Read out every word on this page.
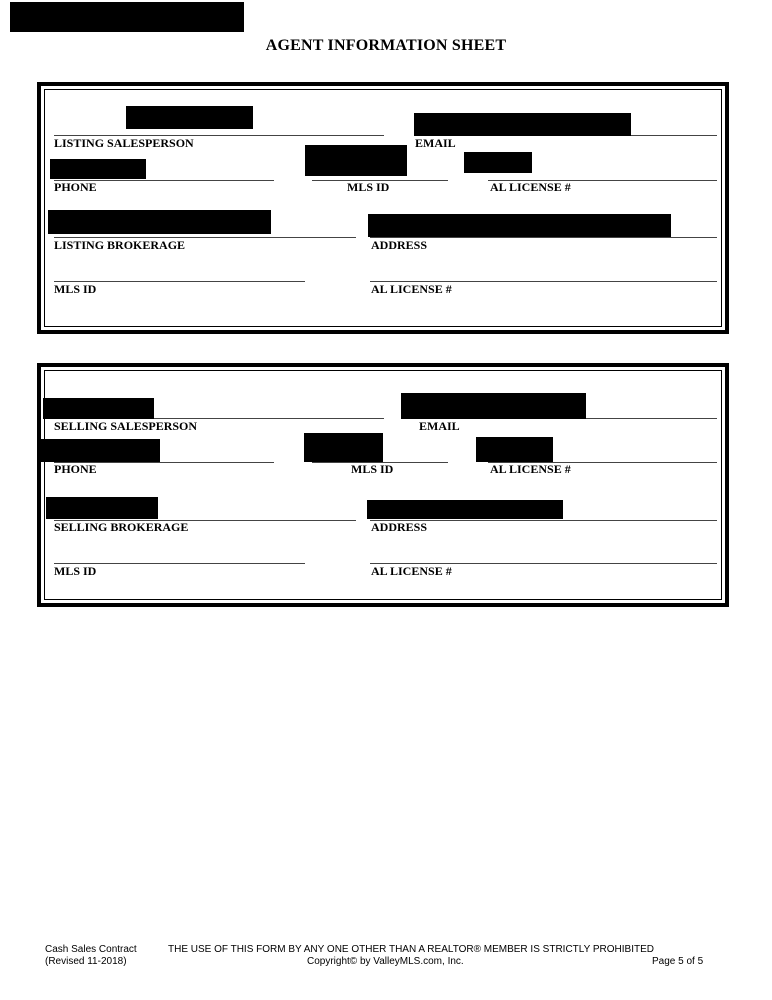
AGENT INFORMATION SHEET
LISTING SALESPERSON	EMAIL
PHONE	MLS ID	AL LICENSE #
LISTING BROKERAGE	ADDRESS
MLS ID	AL LICENSE #
SELLING SALESPERSON	EMAIL
PHONE	MLS ID	AL LICENSE #
SELLING BROKERAGE	ADDRESS
MLS ID	AL LICENSE #
Cash Sales Contract
(Revised 11-2018)
THE USE OF THIS FORM BY ANY ONE OTHER THAN A REALTOR® MEMBER IS STRICTLY PROHIBITED
Copyright© by ValleyMLS.com, Inc.	Page 5 of 5
